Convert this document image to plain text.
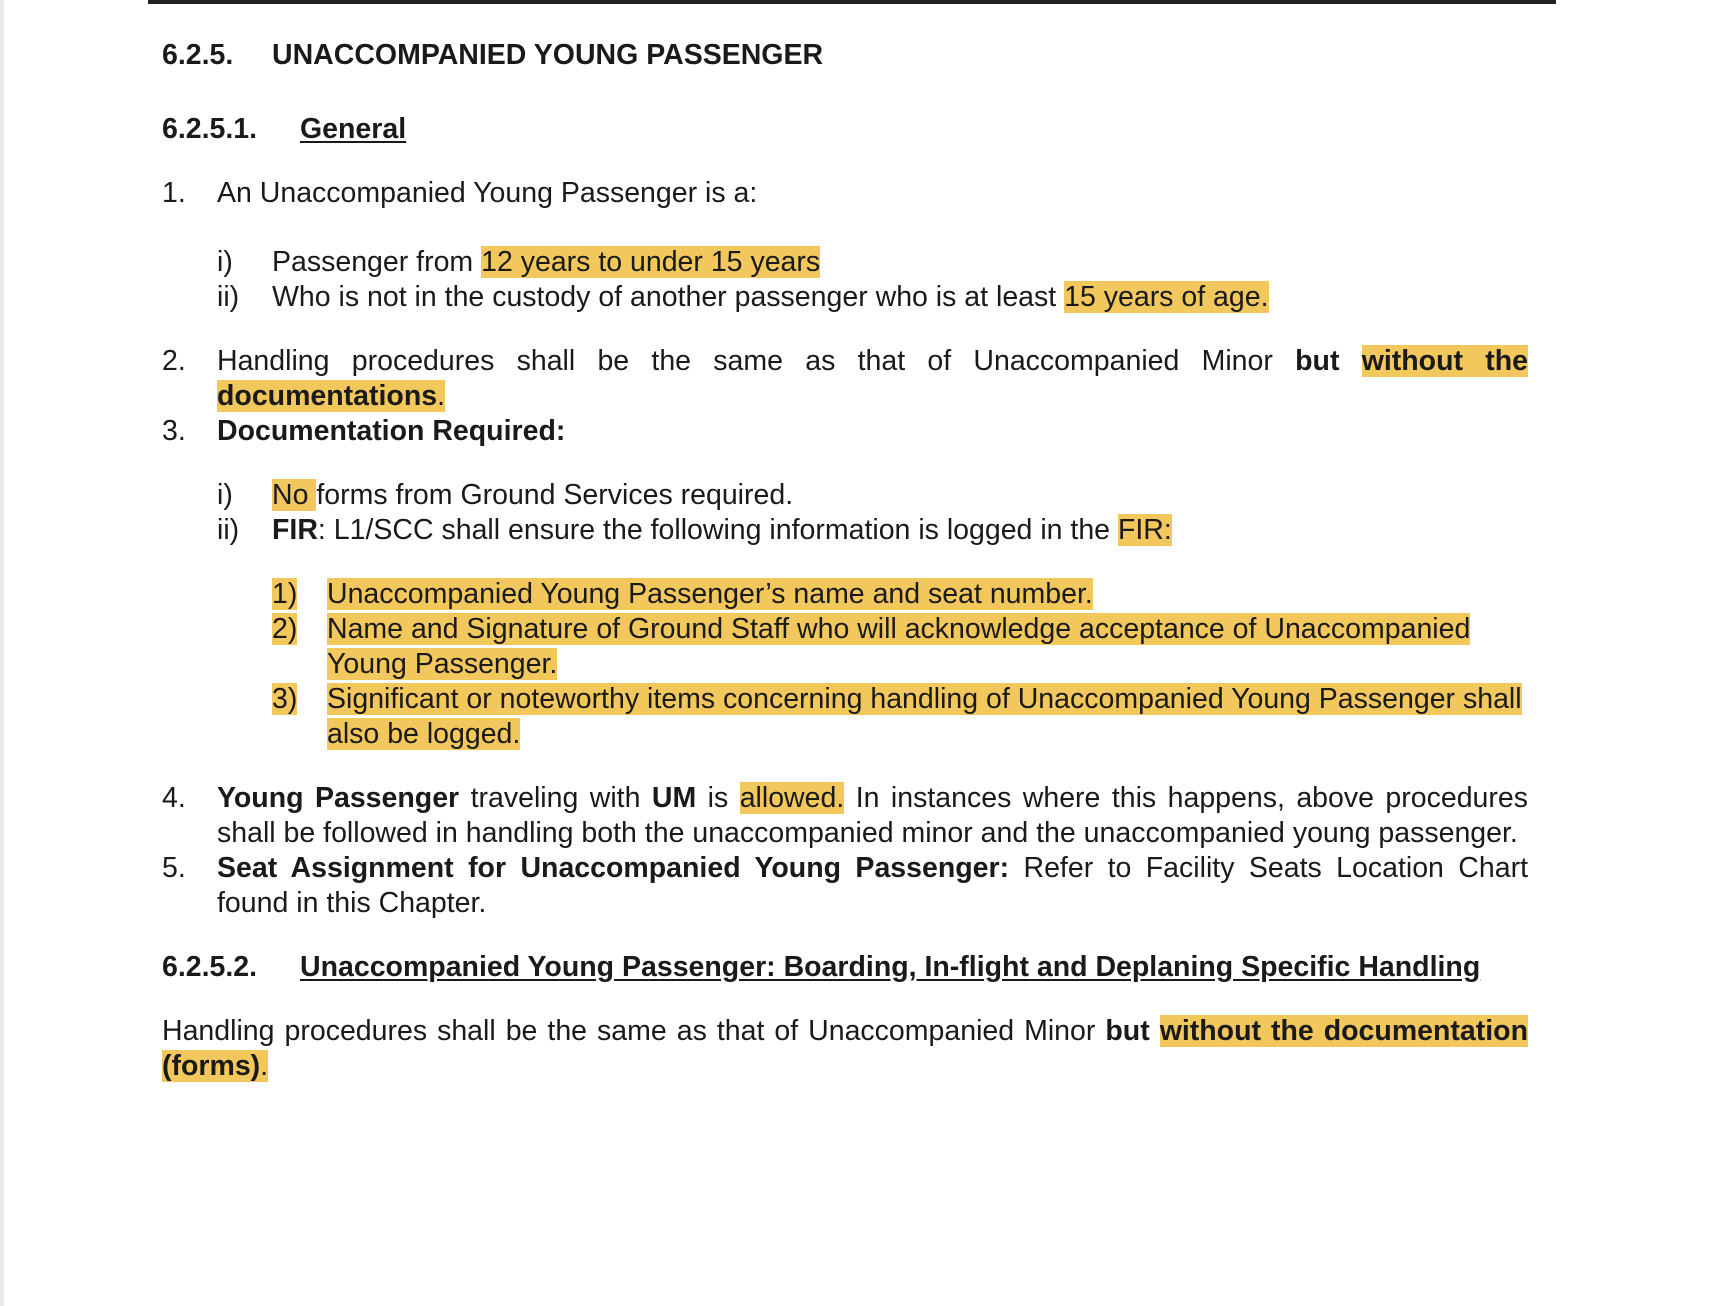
6.2.5.	UNACCOMPANIED YOUNG PASSENGER
6.2.5.1.	General
1.	An Unaccompanied Young Passenger is a:
i)	Passenger from 12 years to under 15 years
ii)	Who is not in the custody of another passenger who is at least 15 years of age.
2.	Handling procedures shall be the same as that of Unaccompanied Minor but without the documentations.
3.	Documentation Required:
i)	No forms from Ground Services required.
ii)	FIR: L1/SCC shall ensure the following information is logged in the FIR:
1)	Unaccompanied Young Passenger’s name and seat number.
2)	Name and Signature of Ground Staff who will acknowledge acceptance of Unaccompanied Young Passenger.
3)	Significant or noteworthy items concerning handling of Unaccompanied Young Passenger shall also be logged.
4.	Young Passenger traveling with UM is allowed. In instances where this happens, above procedures shall be followed in handling both the unaccompanied minor and the unaccompanied young passenger.
5.	Seat Assignment for Unaccompanied Young Passenger: Refer to Facility Seats Location Chart found in this Chapter.
6.2.5.2.	Unaccompanied Young Passenger: Boarding, In-flight and Deplaning Specific Handling
Handling procedures shall be the same as that of Unaccompanied Minor but without the documentation (forms).
